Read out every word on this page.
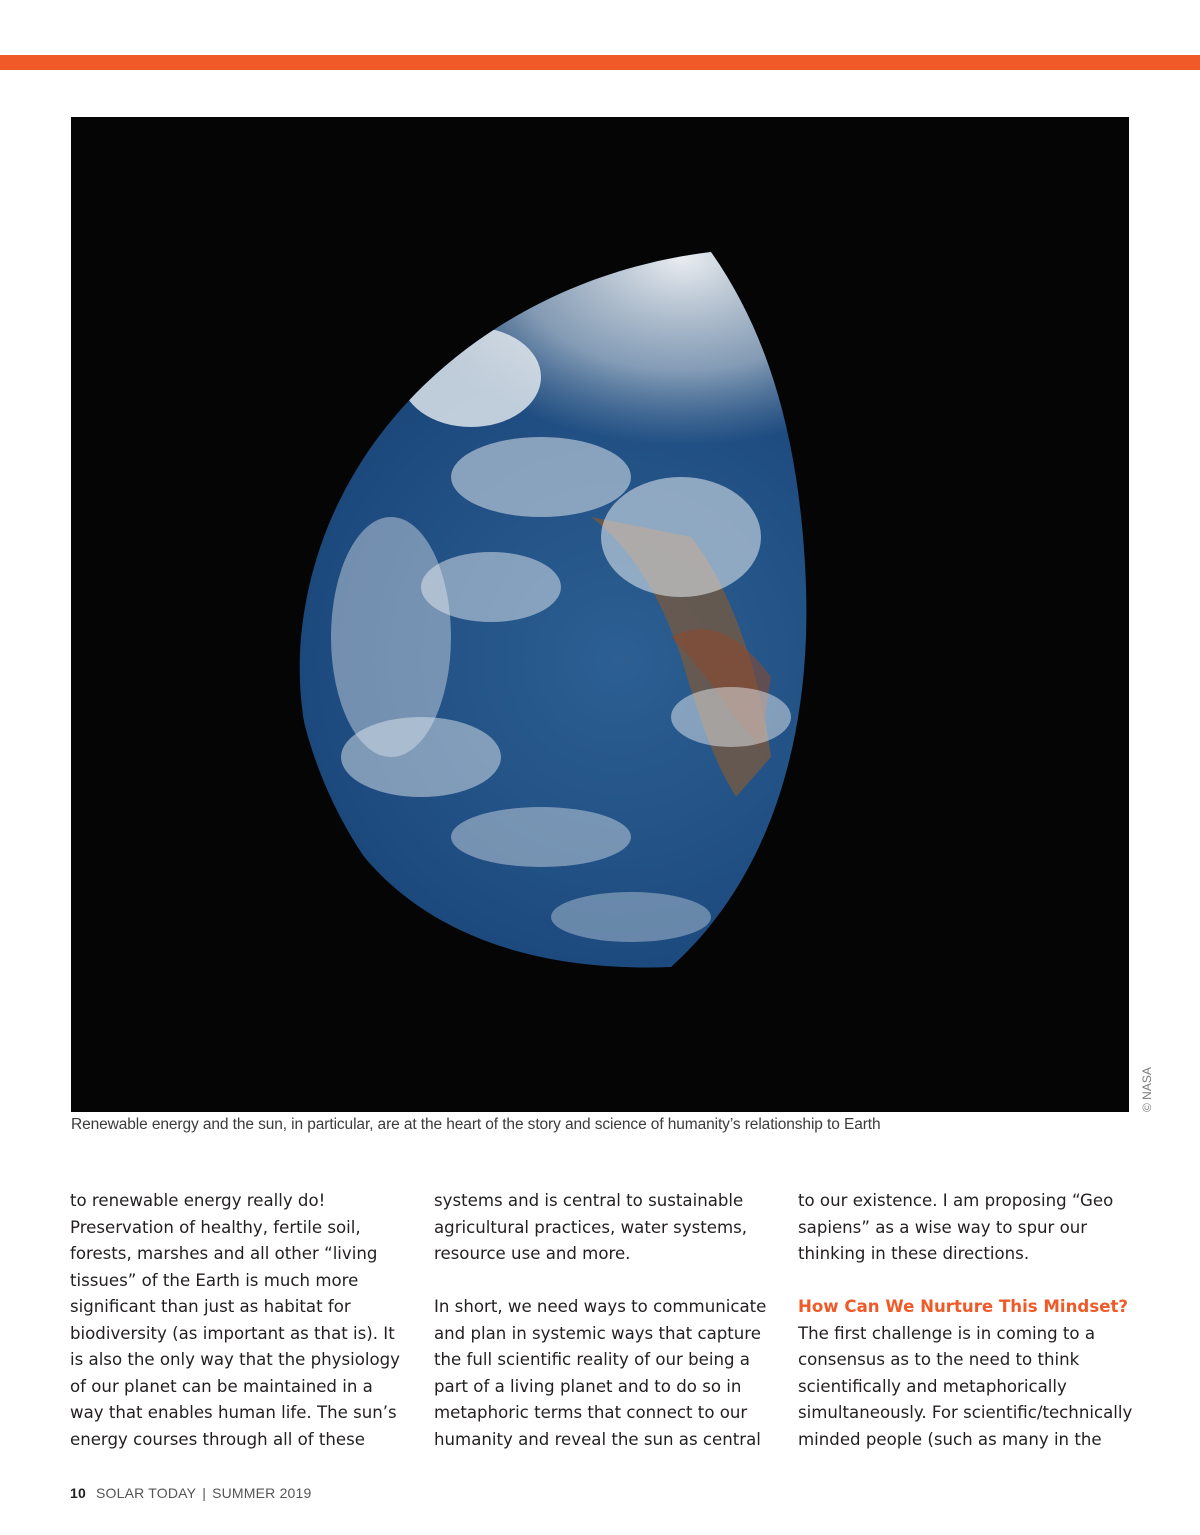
© NASA
Renewable energy and the sun, in particular, are at the heart of the story and science of humanity’s relationship to Earth
to renewable energy really do!
Preservation of healthy, fertile soil,
forests, marshes and all other “living
tissues” of the Earth is much more
significant than just as habitat for
biodiversity (as important as that is). It
is also the only way that the physiology
of our planet can be maintained in a
way that enables human life. The sun’s
energy courses through all of these
systems and is central to sustainable
agricultural practices, water systems,
resource use and more.
In short, we need ways to communicate
and plan in systemic ways that capture
the full scientific reality of our being a
part of a living planet and to do so in
metaphoric terms that connect to our
humanity and reveal the sun as central
to our existence. I am proposing “Geo
sapiens” as a wise way to spur our
thinking in these directions.
How Can We Nurture This Mindset?
The first challenge is in coming to a
consensus as to the need to think
scientifically and metaphorically
simultaneously. For scientific/technically
minded people (such as many in the
10 SOLAR TODAY | SUMMER 2019
